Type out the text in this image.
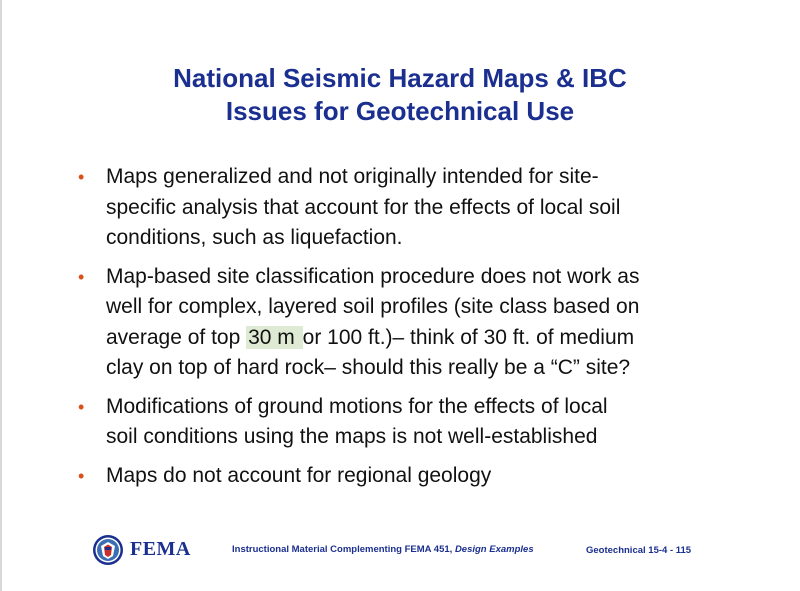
National Seismic Hazard Maps & IBC
Issues for Geotechnical Use
• Maps generalized and not originally intended for site-
specific analysis that account for the effects of local soil
conditions, such as liquefaction.
• Map-based site classification procedure does not work as
well for complex, layered soil profiles (site class based on
average of top 30 m or 100 ft.)– think of 30 ft. of medium
clay on top of hard rock– should this really be a “C” site?
• Modifications of ground motions for the effects of local
soil conditions using the maps is not well-established
• Maps do not account for regional geology
FEMA	Instructional Material Complementing FEMA 451, Design Examples	Geotechnical 15-4 - 115
